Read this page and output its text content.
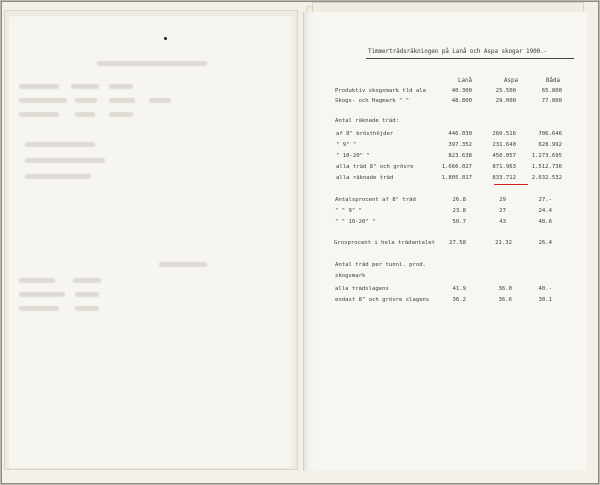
Timmerträdsräkningen på Lanå och Aspa skogar 1900.-
Lanå	Aspa	Båda
Produktiv skogsmark tld ala	40.300	25.500	65.800
Skogs- och Hagmark " "	48.800	29.000	77.800
Antal räknade träd:
af 8" brösthöjder	446.030	260.516	706.646
" 9" "	397.352	231.640	628.992
" 10-20" "	823.638	450.057	1.273.695
alla träd 8" och grövre	1.666.027	871.963	1.512.736
alla räknade träd	1.805.017	833.712	2.632.532
Antalsprocent af 8" träd	26.8	29	27.-
" " 9" "	23.8	27	24.4
" " 10-20" "	50.7	43	48.6
Grovprocent i hela trädantalet	27.58	21.32	26.4
Antal träd per tunnl. prod.
skogsmark
alla trädslagens	41.9	36.0	40.-
endast 8" och grövre slagens	36.2	36.6	30.1
